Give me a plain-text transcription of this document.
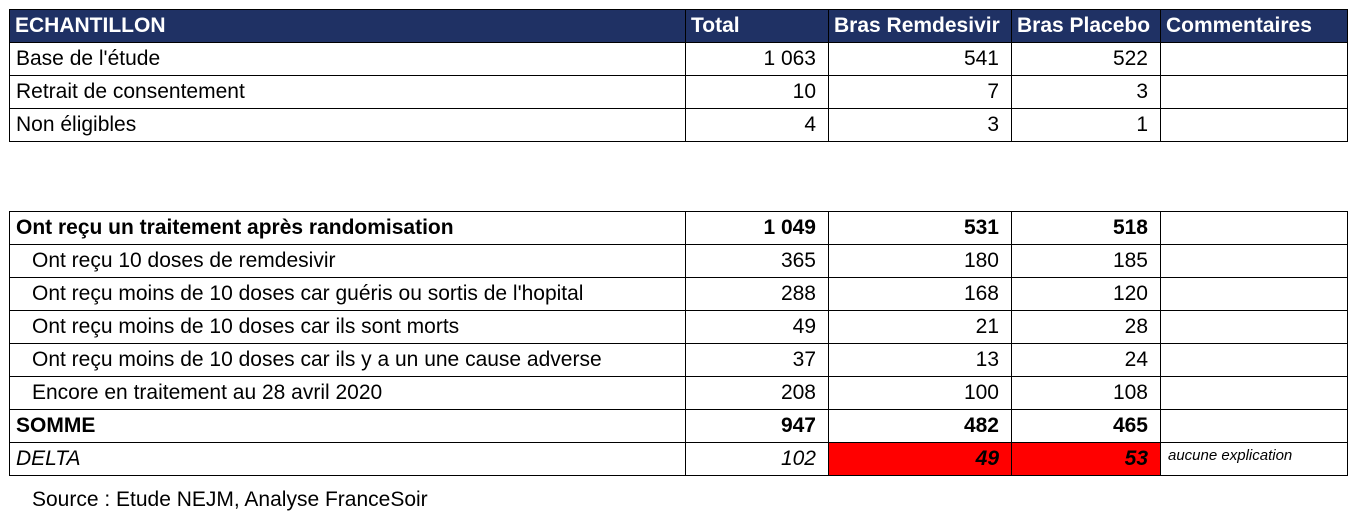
ECHANTILLON	Total	Bras Remdesivir	Bras Placebo	Commentaires
Base de l'étude	1 063	541	522	
Retrait de consentement	10	7	3	
Non éligibles	4	3	1	
Ont reçu un traitement après randomisation	1 049	531	518	
Ont reçu 10 doses de remdesivir	365	180	185	
Ont reçu moins de 10 doses car guéris ou sortis de l'hopital	288	168	120	
Ont reçu moins de 10 doses car ils sont morts	49	21	28	
Ont reçu moins de 10 doses car ils y a un une cause adverse	37	13	24	
Encore en traitement au 28 avril 2020	208	100	108	
SOMME	947	482	465	
DELTA	102	49	53	aucune explication
Source : Etude NEJM, Analyse FranceSoir
